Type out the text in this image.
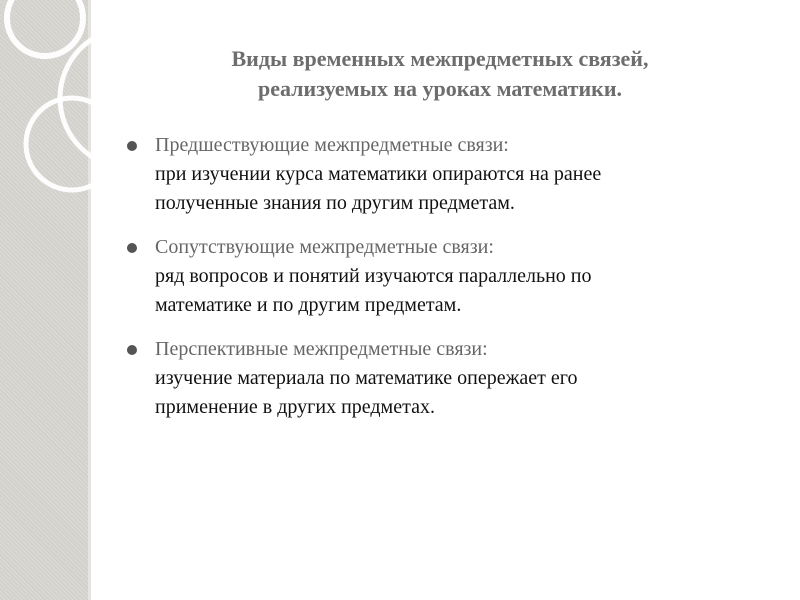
Виды временных межпредметных связей,
реализуемых на уроках математики.
Предшествующие межпредметные связи:
при изучении курса математики опираются на ранее
полученные знания по другим предметам.
Сопутствующие межпредметные связи:
ряд вопросов и понятий изучаются параллельно по
математике и по другим предметам.
Перспективные межпредметные связи:
изучение материала по математике опережает его
применение в других предметах.
